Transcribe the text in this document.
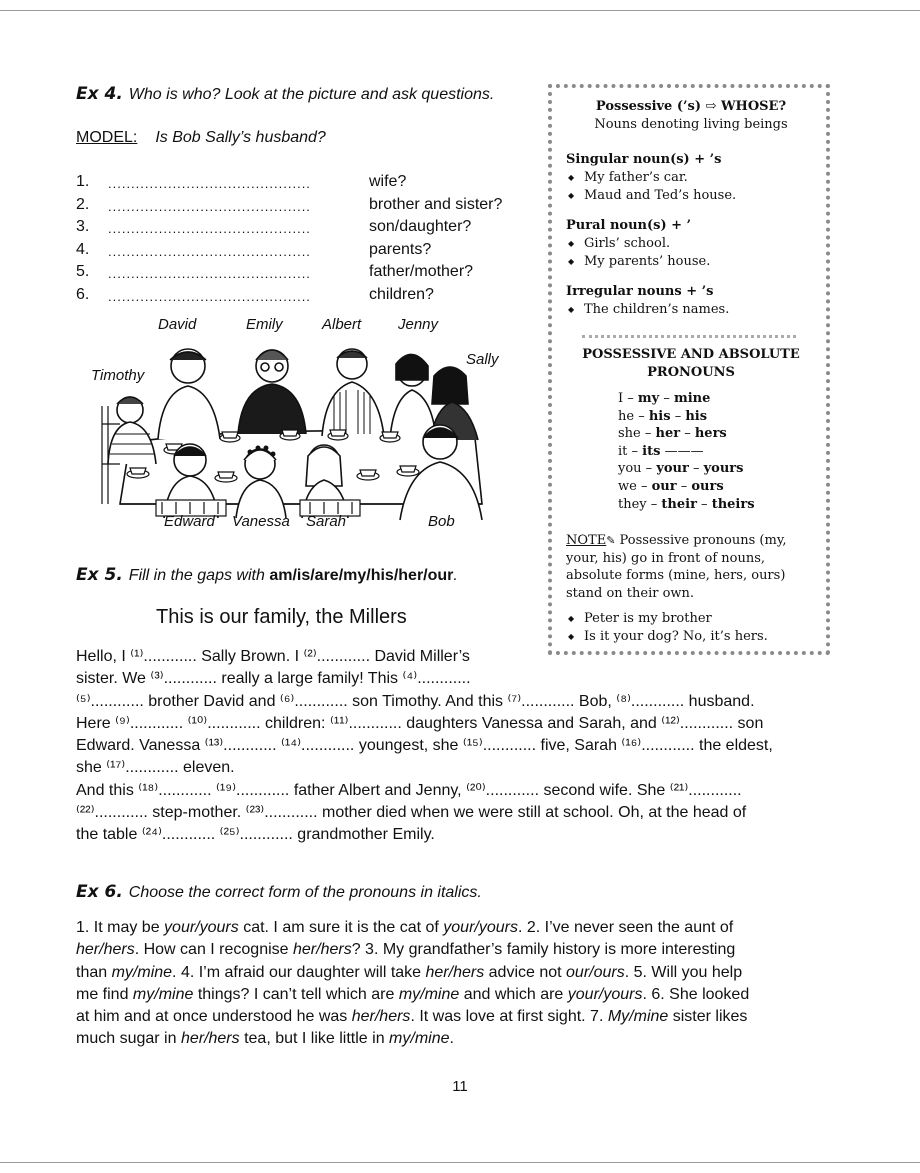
Ex 4. Who is who? Look at the picture and ask questions.
MODEL: Is Bob Sally’s husband?
1. ............................................	wife?
2. ............................................	brother and sister?
3. ............................................	son/daughter?
4. ............................................	parents?
5. ............................................	father/mother?
6. ............................................	children?
David	Emily	Albert Jenny
Sally
Timothy
Edward Vanessa Sarah	Bob
Possessive (’s) ⇨ WHOSE?
Nouns denoting living beings
Singular noun(s) + ’s
◆ My father’s car.
◆ Maud and Ted’s house.
Pural noun(s) + ’
◆ Girls’ school.
◆ My parents’ house.
Irregular nouns + ’s
◆ The children’s names.
POSSESSIVE AND ABSOLUTE
PRONOUNS
I – my – mine
he – his – his
she – her – hers
it – its ———
you – your – yours
we – our – ours
they – their – theirs
NOTE✎ Possessive pronouns (my,
your, his) go in front of nouns,
absolute forms (mine, hers, ours)
stand on their own.
◆ Peter is my brother
◆ Is it your dog? No, it’s hers.
Ex 5. Fill in the gaps with am/is/are/my/his/her/our.
This is our family, the Millers
Hello, I ⁽¹⁾............ Sally Brown. I ⁽²⁾............ David Miller’s
sister. We ⁽³⁾............ really a large family! This ⁽⁴⁾............
⁽⁵⁾............ brother David and ⁽⁶⁾............ son Timothy. And this ⁽⁷⁾............ Bob, ⁽⁸⁾............ husband.
Here ⁽⁹⁾............ ⁽¹⁰⁾............ children: ⁽¹¹⁾............ daughters Vanessa and Sarah, and ⁽¹²⁾............ son
Edward. Vanessa ⁽¹³⁾............ ⁽¹⁴⁾............ youngest, she ⁽¹⁵⁾............ five, Sarah ⁽¹⁶⁾............ the eldest,
she ⁽¹⁷⁾............ eleven.
And this ⁽¹⁸⁾............ ⁽¹⁹⁾............ father Albert and Jenny, ⁽²⁰⁾............ second wife. She ⁽²¹⁾............
⁽²²⁾............ step-mother. ⁽²³⁾............ mother died when we were still at school. Oh, at the head of
the table ⁽²⁴⁾............ ⁽²⁵⁾............ grandmother Emily.
Ex 6. Choose the correct form of the pronouns in italics.
1. It may be your/yours cat. I am sure it is the cat of your/yours. 2. I’ve never seen the aunt of
her/hers. How can I recognise her/hers? 3. My grandfather’s family history is more interesting
than my/mine. 4. I’m afraid our daughter will take her/hers advice not our/ours. 5. Will you help
me find my/mine things? I can’t tell which are my/mine and which are your/yours. 6. She looked
at him and at once understood he was her/hers. It was love at first sight. 7. My/mine sister likes
much sugar in her/hers tea, but I like little in my/mine.
11
